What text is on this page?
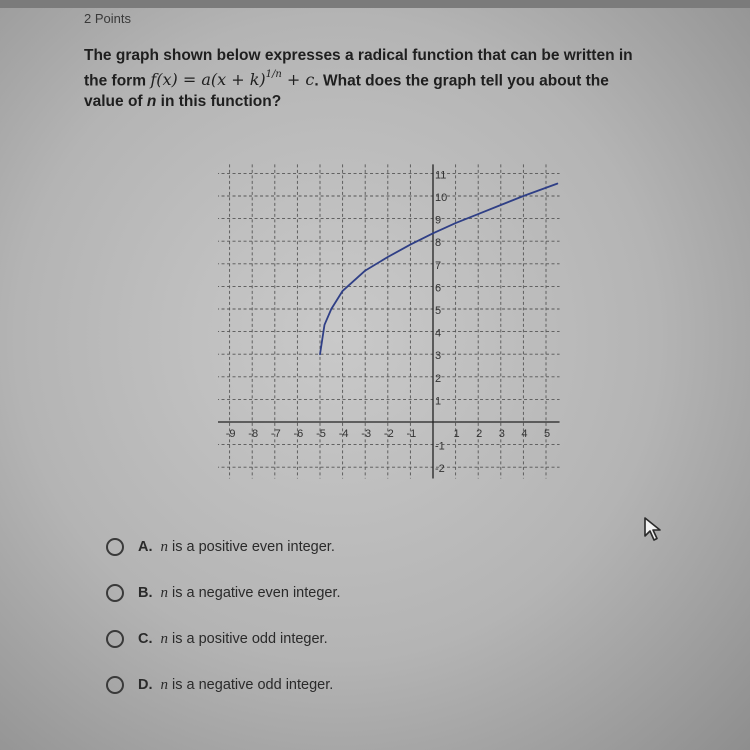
2 Points
The graph shown below expresses a radical function that can be written in
the form $f(x) = a(x + k)^{1/n} + c$. What does the graph tell you about the
value of n in this function?
-9 -8 -7 -6 -5 -4 -3 -2 -1	1 2 3 4 5
11
10
9
8
7
6
5
4
3
2
1
-1
-2
A. n is a positive even integer.
B. n is a negative even integer.
C. n is a positive odd integer.
D. n is a negative odd integer.
